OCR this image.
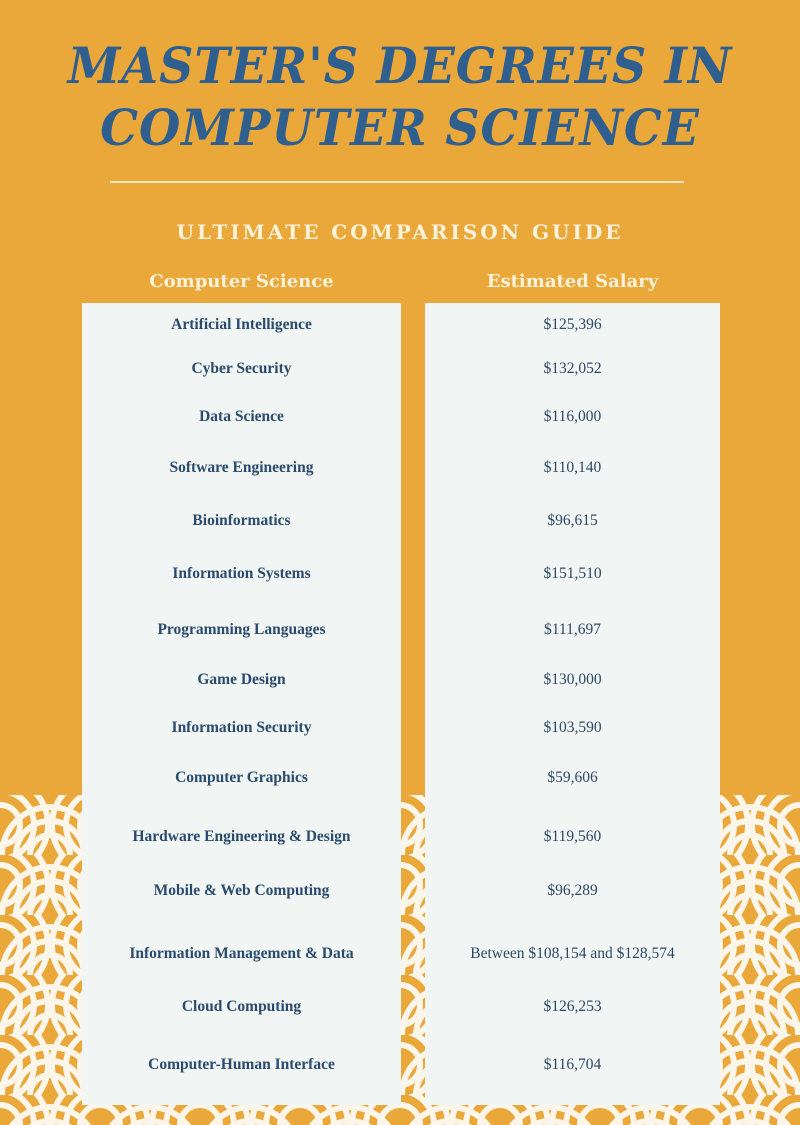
MASTER'S DEGREES IN
COMPUTER SCIENCE
ULTIMATE COMPARISON GUIDE
Computer Science	Estimated Salary
Artificial Intelligence	$125,396
Cyber Security	$132,052
Data Science	$116,000
Software Engineering	$110,140
Bioinformatics	$96,615
Information Systems	$151,510
Programming Languages	$111,697
Game Design	$130,000
Information Security	$103,590
Computer Graphics	$59,606
Hardware Engineering & Design	$119,560
Mobile & Web Computing	$96,289
Information Management & Data	Between $108,154 and $128,574
Cloud Computing	$126,253
Computer-Human Interface	$116,704
